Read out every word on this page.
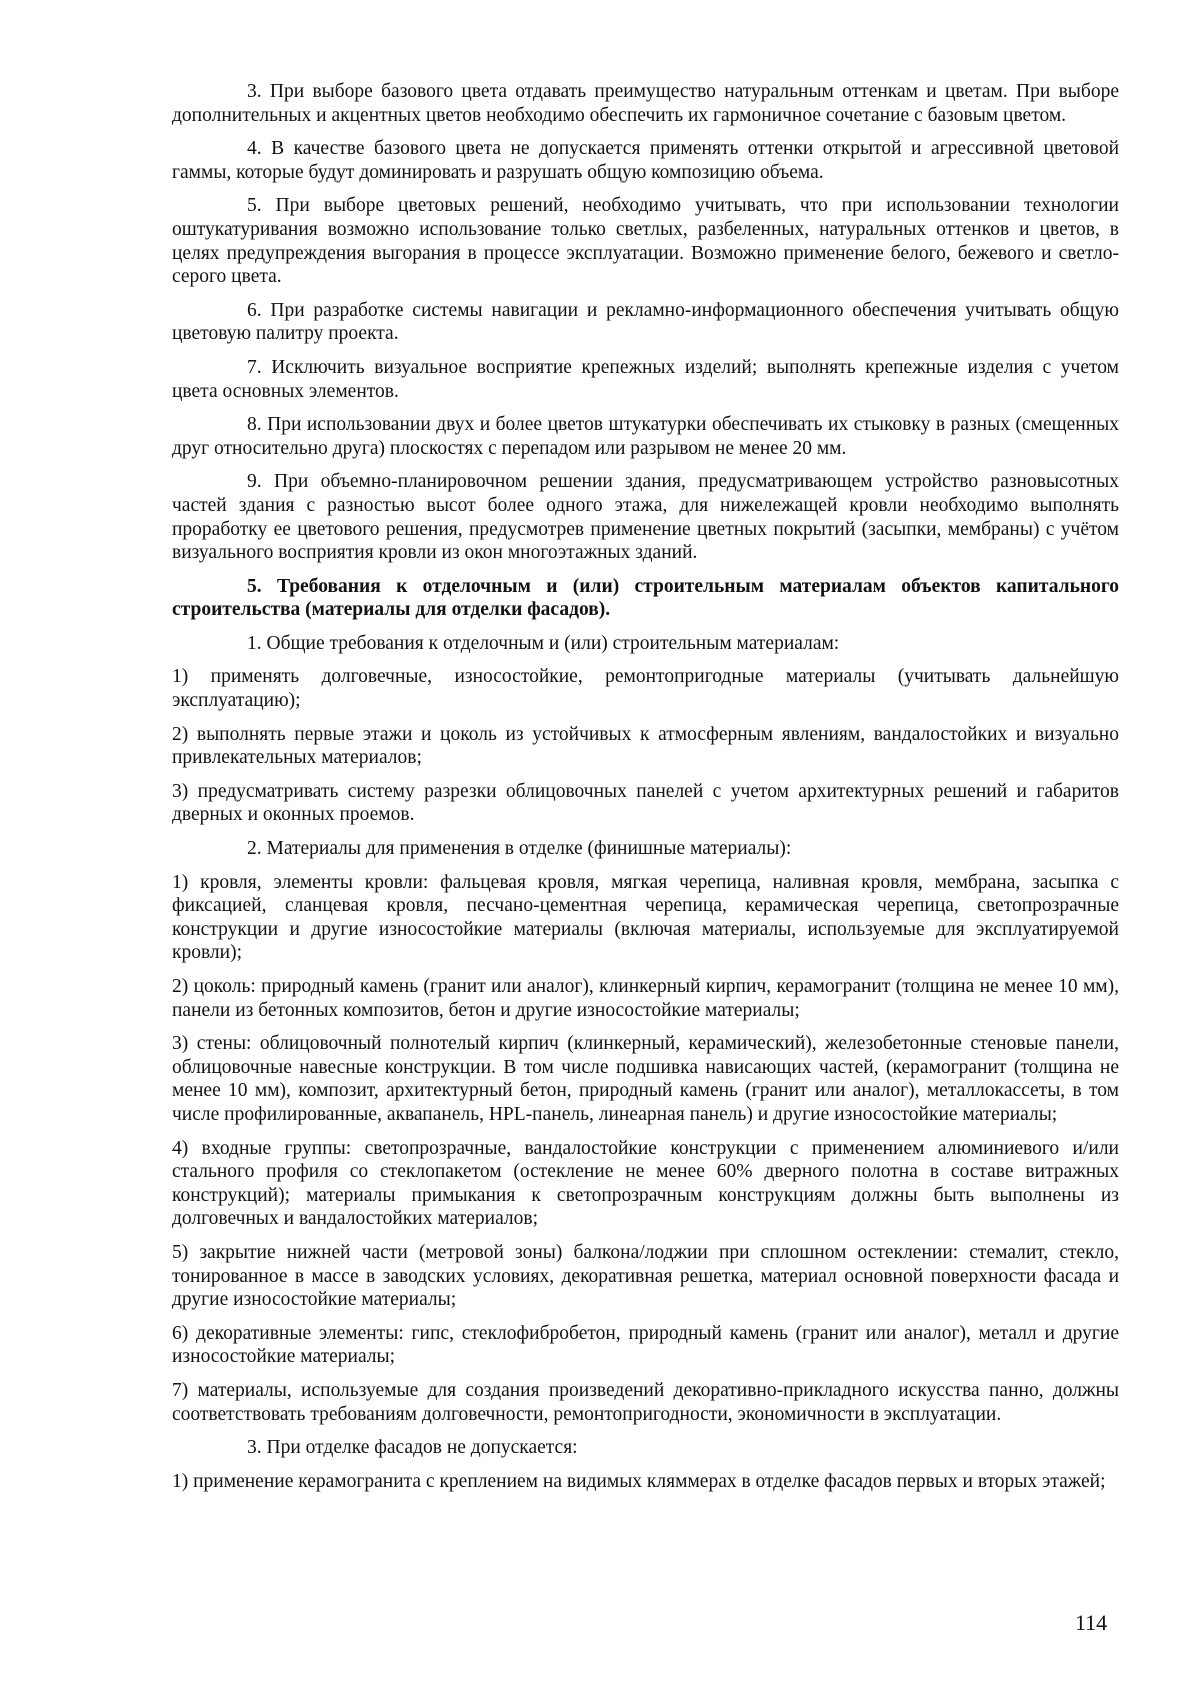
3. При выборе базового цвета отдавать преимущество натуральным оттенкам и цветам. При выборе дополнительных и акцентных цветов необходимо обеспечить их гармоничное сочетание с базовым цветом.

4. В качестве базового цвета не допускается применять оттенки открытой и агрессивной цветовой гаммы, которые будут доминировать и разрушать общую композицию объема.

5. При выборе цветовых решений, необходимо учитывать, что при использовании технологии оштукатуривания возможно использование только светлых, разбеленных, натуральных оттенков и цветов, в целях предупреждения выгорания в процессе эксплуатации. Возможно применение белого, бежевого и светло-серого цвета.

6. При разработке системы навигации и рекламно-информационного обеспечения учитывать общую цветовую палитру проекта.

7. Исключить визуальное восприятие крепежных изделий; выполнять крепежные изделия с учетом цвета основных элементов.

8. При использовании двух и более цветов штукатурки обеспечивать их стыковку в разных (смещенных друг относительно друга) плоскостях с перепадом или разрывом не менее 20 мм.

9. При объемно-планировочном решении здания, предусматривающем устройство разновысотных частей здания с разностью высот более одного этажа, для нижележащей кровли необходимо выполнять проработку ее цветового решения, предусмотрев применение цветных покрытий (засыпки, мембраны) с учётом визуального восприятия кровли из окон многоэтажных зданий.

5. Требования к отделочным и (или) строительным материалам объектов капитального строительства (материалы для отделки фасадов).

1. Общие требования к отделочным и (или) строительным материалам:

1) применять долговечные, износостойкие, ремонтопригодные материалы (учитывать дальнейшую эксплуатацию);

2) выполнять первые этажи и цоколь из устойчивых к атмосферным явлениям, вандалостойких и визуально привлекательных материалов;

3) предусматривать систему разрезки облицовочных панелей с учетом архитектурных решений и габаритов дверных и оконных проемов.

2. Материалы для применения в отделке (финишные материалы):

1) кровля, элементы кровли: фальцевая кровля, мягкая черепица, наливная кровля, мембрана, засыпка с фиксацией, сланцевая кровля, песчано-цементная черепица, керамическая черепица, светопрозрачные конструкции и другие износостойкие материалы (включая материалы, используемые для эксплуатируемой кровли);

2) цоколь: природный камень (гранит или аналог), клинкерный кирпич, керамогранит (толщина не менее 10 мм), панели из бетонных композитов, бетон и другие износостойкие материалы;

3) стены: облицовочный полнотелый кирпич (клинкерный, керамический), железобетонные стеновые панели, облицовочные навесные конструкции. В том числе подшивка нависающих частей, (керамогранит (толщина не менее 10 мм), композит, архитектурный бетон, природный камень (гранит или аналог), металлокассеты, в том числе профилированные, аквапанель, HPL-панель, линеарная панель) и другие износостойкие материалы;

4) входные группы: светопрозрачные, вандалостойкие конструкции с применением алюминиевого и/или стального профиля со стеклопакетом (остекление не менее 60% дверного полотна в составе витражных конструкций); материалы примыкания к светопрозрачным конструкциям должны быть выполнены из долговечных и вандалостойких материалов;

5) закрытие нижней части (метровой зоны) балкона/лоджии при сплошном остеклении: стемалит, стекло, тонированное в массе в заводских условиях, декоративная решетка, материал основной поверхности фасада и другие износостойкие материалы;

6) декоративные элементы: гипс, стеклофибробетон, природный камень (гранит или аналог), металл и другие износостойкие материалы;

7) материалы, используемые для создания произведений декоративно-прикладного искусства панно, должны соответствовать требованиям долговечности, ремонтопригодности, экономичности в эксплуатации.

3. При отделке фасадов не допускается:

1) применение керамогранита с креплением на видимых кляммерах в отделке фасадов первых и вторых этажей;

114
